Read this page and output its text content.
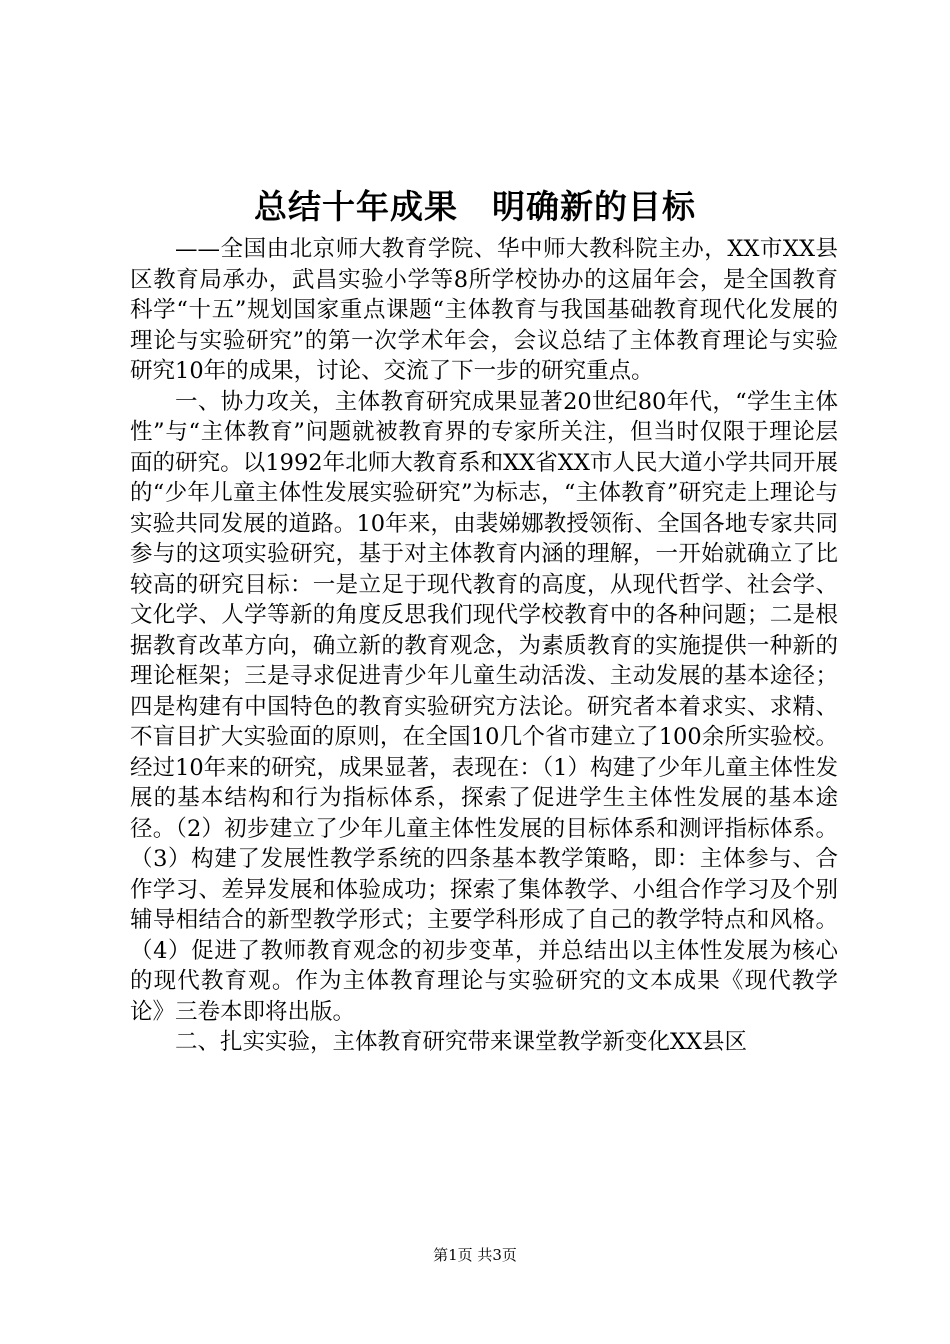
总结十年成果　明确新的目标

——全国由北京师大教育学院、华中师大教科院主办，XX市XX县区教育局承办，武昌实验小学等8所学校协办的这届年会，是全国教育科学“十五”规划国家重点课题“主体教育与我国基础教育现代化发展的理论与实验研究”的第一次学术年会，会议总结了主体教育理论与实验研究10年的成果，讨论、交流了下一步的研究重点。

一、协力攻关，主体教育研究成果显著20世纪80年代，“学生主体性”与“主体教育”问题就被教育界的专家所关注，但当时仅限于理论层面的研究。以1992年北师大教育系和XX省XX市人民大道小学共同开展的“少年儿童主体性发展实验研究”为标志，“主体教育”研究走上理论与实验共同发展的道路。10年来，由裴娣娜教授领衔、全国各地专家共同参与的这项实验研究，基于对主体教育内涵的理解，一开始就确立了比较高的研究目标：一是立足于现代教育的高度，从现代哲学、社会学、文化学、人学等新的角度反思我们现代学校教育中的各种问题；二是根据教育改革方向，确立新的教育观念，为素质教育的实施提供一种新的理论框架；三是寻求促进青少年儿童生动活泼、主动发展的基本途径；四是构建有中国特色的教育实验研究方法论。研究者本着求实、求精、不盲目扩大实验面的原则，在全国10几个省市建立了100余所实验校。经过10年来的研究，成果显著，表现在：（1）构建了少年儿童主体性发展的基本结构和行为指标体系，探索了促进学生主体性发展的基本途径。（2）初步建立了少年儿童主体性发展的目标体系和测评指标体系。（3）构建了发展性教学系统的四条基本教学策略，即：主体参与、合作学习、差异发展和体验成功；探索了集体教学、小组合作学习及个别辅导相结合的新型教学形式；主要学科形成了自己的教学特点和风格。（4）促进了教师教育观念的初步变革，并总结出以主体性发展为核心的现代教育观。作为主体教育理论与实验研究的文本成果《现代教学论》三卷本即将出版。

二、扎实实验，主体教育研究带来课堂教学新变化XX县区

第1页 共3页
